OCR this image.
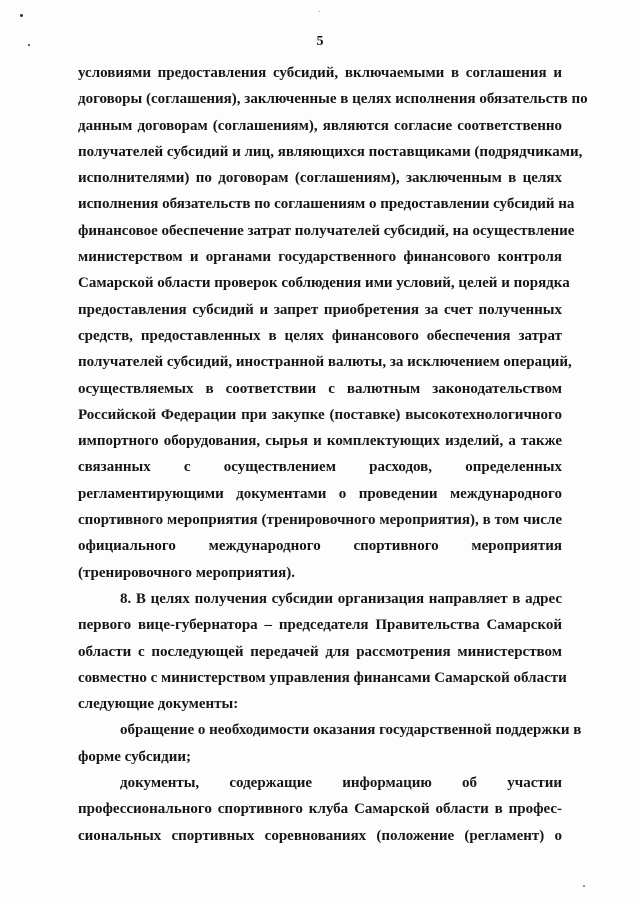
5
условиями предоставления субсидий, включаемыми в соглашения и
договоры (соглашения), заключенные в целях исполнения обязательств по
данным договорам (соглашениям), являются согласие соответственно
получателей субсидий и лиц, являющихся поставщиками (подрядчиками,
исполнителями) по договорам (соглашениям), заключенным в целях
исполнения обязательств по соглашениям о предоставлении субсидий на
финансовое обеспечение затрат получателей субсидий, на осуществление
министерством и органами государственного финансового контроля
Самарской области проверок соблюдения ими условий, целей и порядка
предоставления субсидий и запрет приобретения за счет полученных
средств, предоставленных в целях финансового обеспечения затрат
получателей субсидий, иностранной валюты, за исключением операций,
осуществляемых в соответствии с валютным законодательством
Российской Федерации при закупке (поставке) высокотехнологичного
импортного оборудования, сырья и комплектующих изделий, а также
связанных с осуществлением расходов, определенных
регламентирующими документами о проведении международного
спортивного мероприятия (тренировочного мероприятия), в том числе
официального международного спортивного мероприятия
(тренировочного мероприятия).
8. В целях получения субсидии организация направляет в адрес
первого вице-губернатора – председателя Правительства Самарской
области с последующей передачей для рассмотрения министерством
совместно с министерством управления финансами Самарской области
следующие документы:
обращение о необходимости оказания государственной поддержки в
форме субсидии;
документы, содержащие информацию об участии
профессионального спортивного клуба Самарской области в профес-
сиональных спортивных соревнованиях (положение (регламент) о
